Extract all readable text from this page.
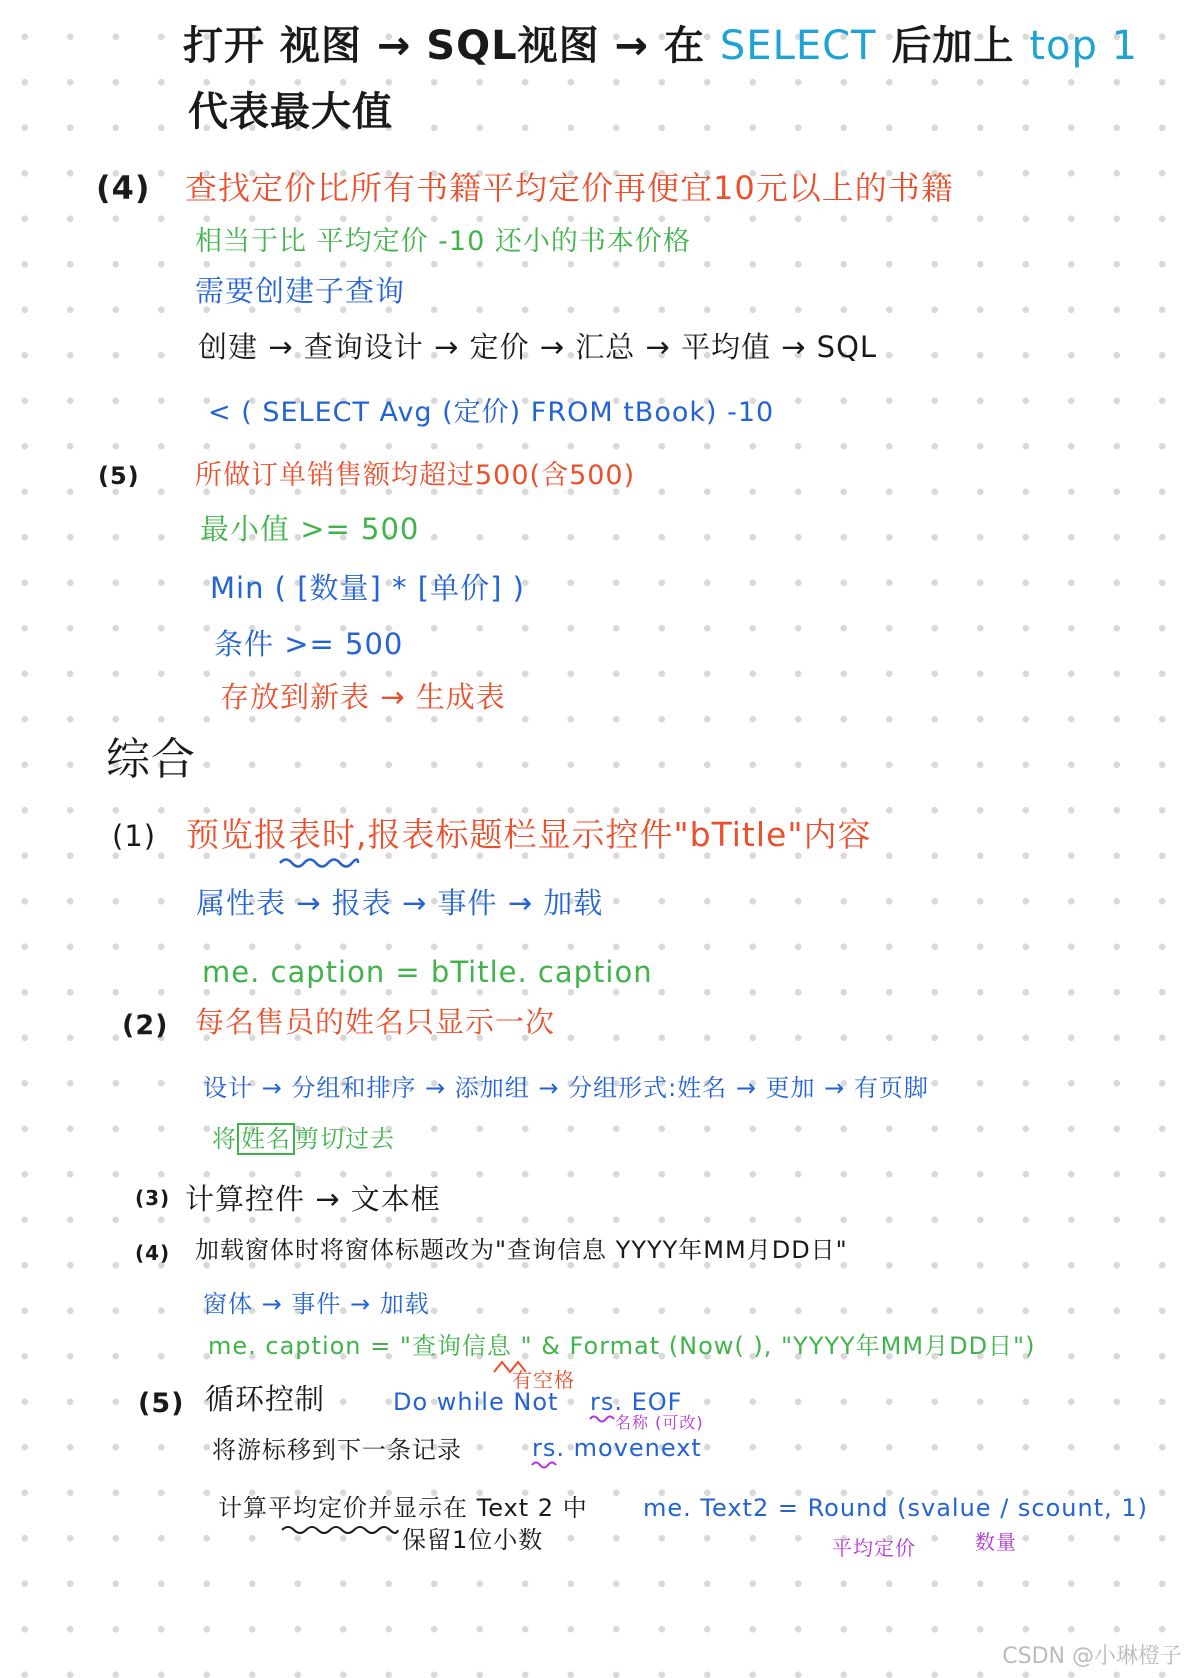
打开 视图 → SQL视图 → 在 SELECT 后加上 top 1
代表最大值
(4) 查找定价比所有书籍平均定价再便宜10元以上的书籍
相当于比 平均定价 -10 还小的书本价格
需要创建子查询
创建 → 查询设计 → 定价 → 汇总 → 平均值 → SQL
< ( SELECT Avg (定价) FROM tBook) -10
(5) 所做订单销售额均超过500(含500)
最小值 >= 500
Min ( [数量] * [单价] )
条件 >= 500
存放到新表 → 生成表
综合
(1) 预览报表时,报表标题栏显示控件"bTitle"内容
属性表 → 报表 → 事件 → 加载
me. caption = bTitle. caption
(2) 每名售员的姓名只显示一次
设计 → 分组和排序 → 添加组 → 分组形式:姓名 → 更加 → 有页脚
将 姓名 剪切过去
(3) 计算控件 → 文本框
(4) 加载窗体时将窗体标题改为"查询信息 YYYY年MM月DD日"
窗体 → 事件 → 加载
me. caption = "查询信息 " & Format (Now( ), "YYYY年MM月DD日")
有空格
(5) 循环控制	Do while Not rs. EOF
名称 (可改)
将游标移到下一条记录	rs. movenext
计算平均定价并显示在 Text 2 中 me. Text2 = Round (svalue / scount, 1)
保留1位小数	平均定价	数量
CSDN @小琳橙子
